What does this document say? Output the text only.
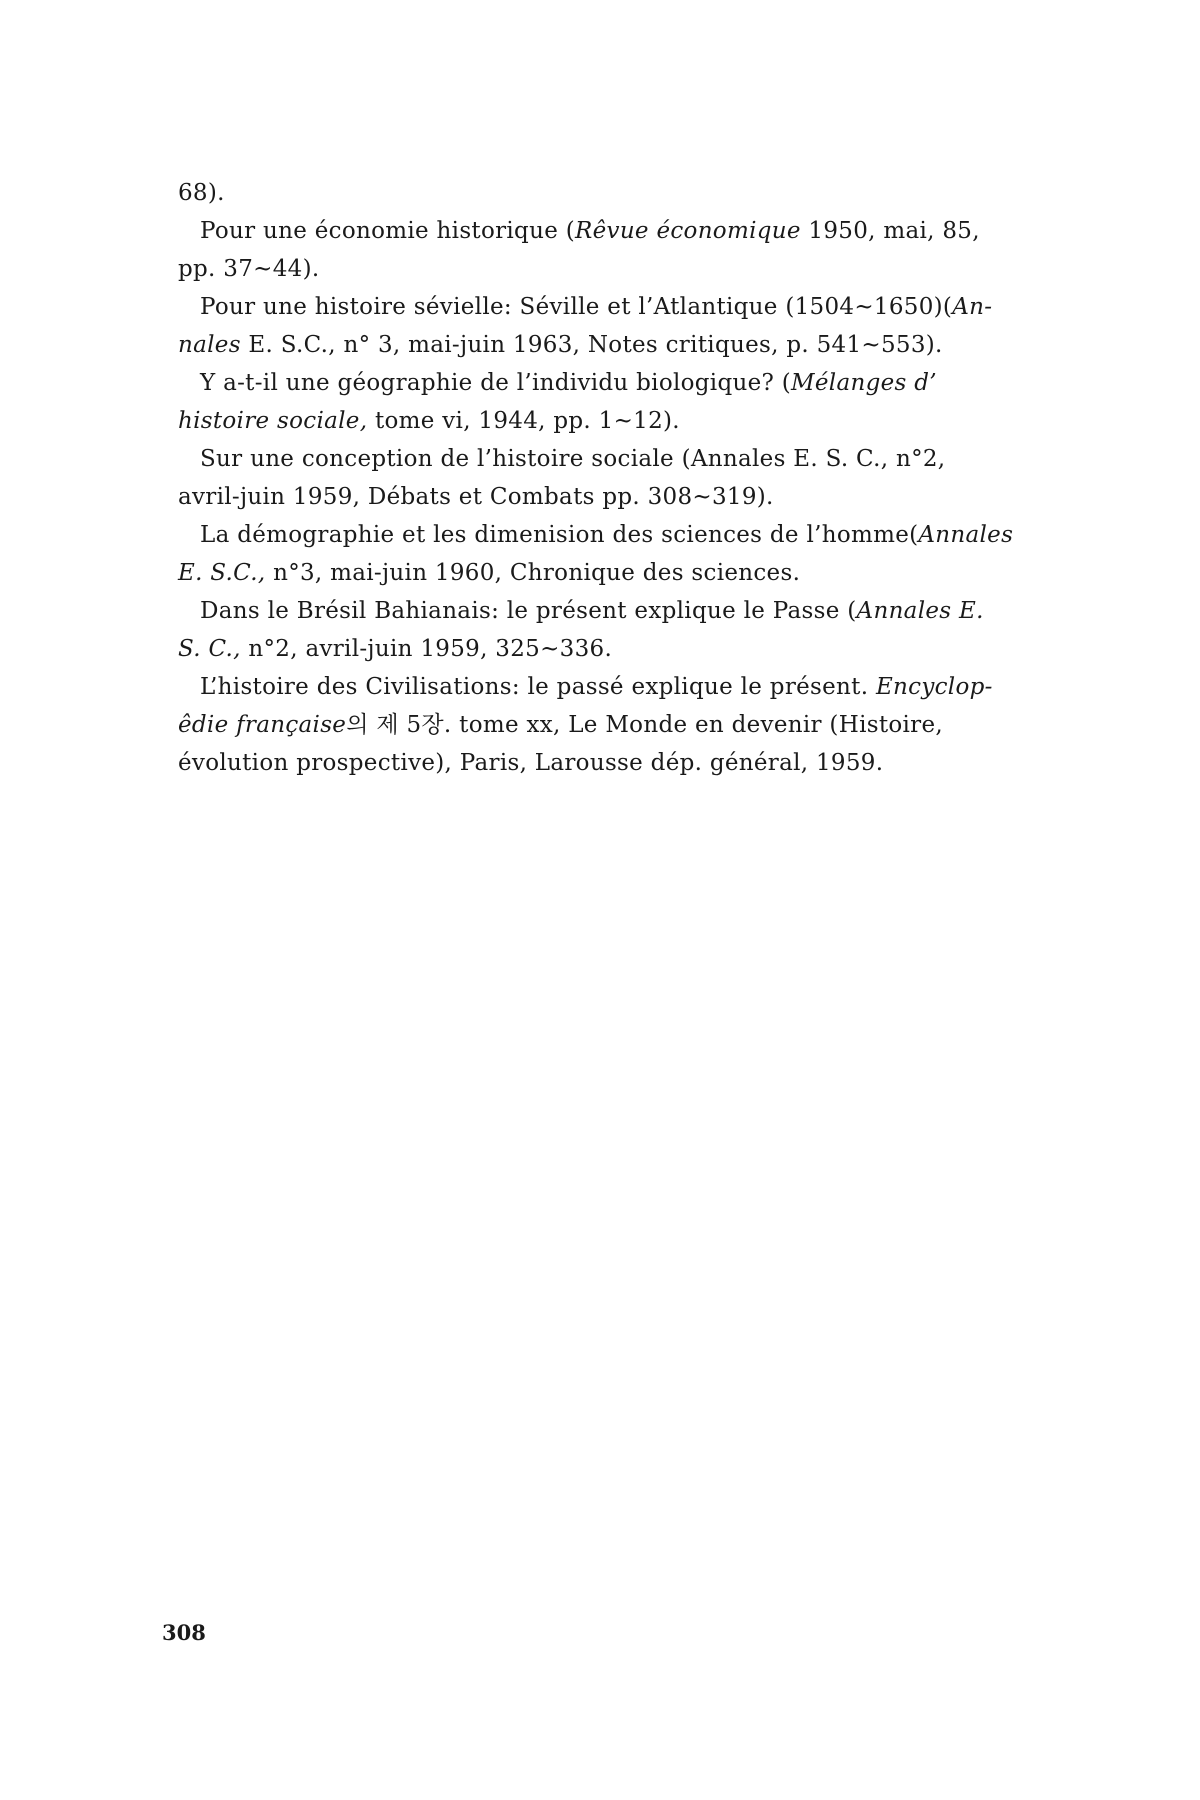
68).
Pour une économie historique (Rêvue économique 1950, mai, 85,
pp. 37~44).
Pour une histoire sévielle: Séville et l’Atlantique (1504~1650)(An-
nales E. S.C., n° 3, mai-juin 1963, Notes critiques, p. 541~553).
Y a-t-il une géographie de l’individu biologique? (Mélanges d’
histoire sociale, tome vi, 1944, pp. 1~12).
Sur une conception de l’histoire sociale (Annales E. S. C., n°2,
avril-juin 1959, Débats et Combats pp. 308~319).
La démographie et les dimenision des sciences de l’homme(Annales
E. S.C., n°3, mai-juin 1960, Chronique des sciences.
Dans le Brésil Bahianais: le présent explique le Passe (Annales E.
S. C., n°2, avril-juin 1959, 325~336.
L’histoire des Civilisations: le passé explique le présent. Encyclop-
êdie française의 제 5장. tome xx, Le Monde en devenir (Histoire,
évolution prospective), Paris, Larousse dép. général, 1959.
308
